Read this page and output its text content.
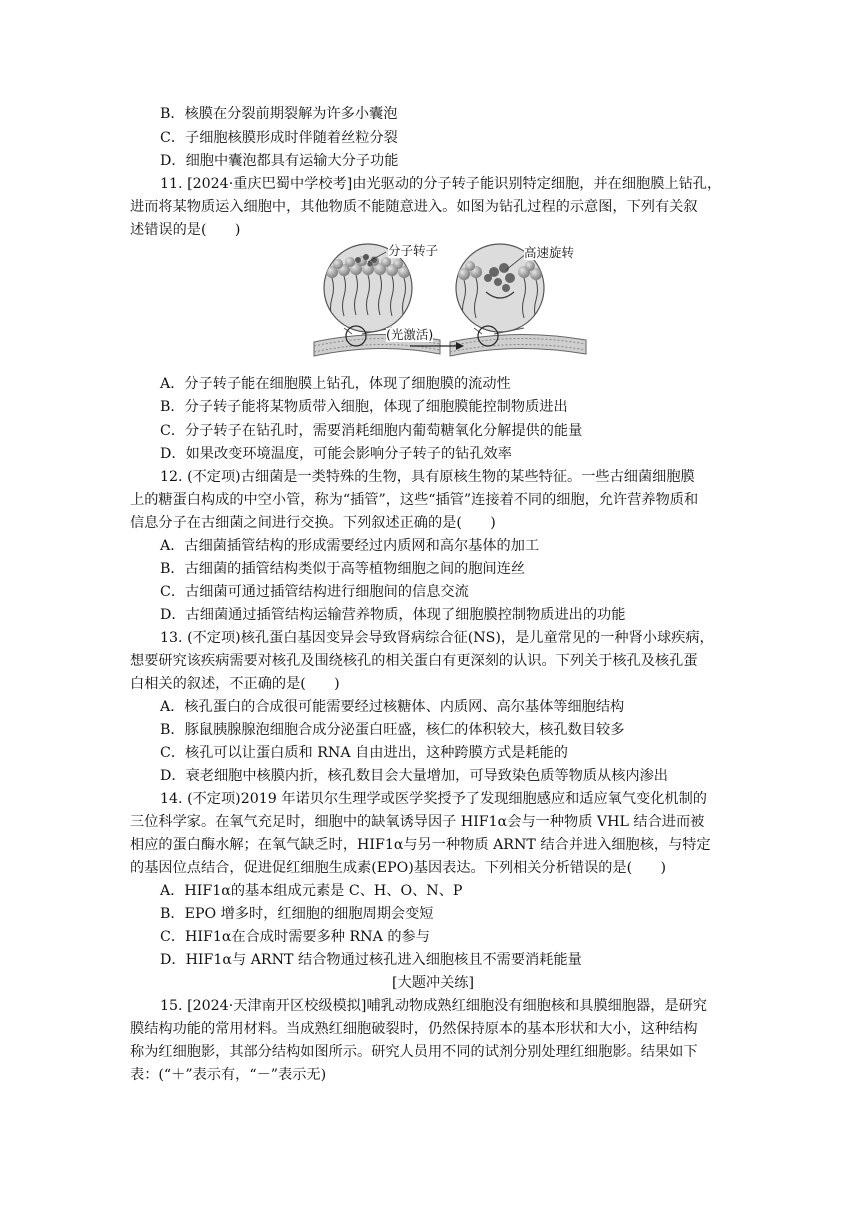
B．核膜在分裂前期裂解为许多小囊泡
C．子细胞核膜形成时伴随着丝粒分裂
D．细胞中囊泡都具有运输大分子功能
11. [2024·重庆巴蜀中学校考]由光驱动的分子转子能识别特定细胞，并在细胞膜上钻孔，
进而将某物质运入细胞中，其他物质不能随意进入。如图为钻孔过程的示意图，下列有关叙
述错误的是(　　)
分子转子	高速旋转
(光激活)
A．分子转子能在细胞膜上钻孔，体现了细胞膜的流动性
B．分子转子能将某物质带入细胞，体现了细胞膜能控制物质进出
C．分子转子在钻孔时，需要消耗细胞内葡萄糖氧化分解提供的能量
D．如果改变环境温度，可能会影响分子转子的钻孔效率
12. (不定项)古细菌是一类特殊的生物，具有原核生物的某些特征。一些古细菌细胞膜
上的糖蛋白构成的中空小管，称为“插管”，这些“插管”连接着不同的细胞，允许营养物质和
信息分子在古细菌之间进行交换。下列叙述正确的是(　　)
A．古细菌插管结构的形成需要经过内质网和高尔基体的加工
B．古细菌的插管结构类似于高等植物细胞之间的胞间连丝
C．古细菌可通过插管结构进行细胞间的信息交流
D．古细菌通过插管结构运输营养物质，体现了细胞膜控制物质进出的功能
13. (不定项)核孔蛋白基因变异会导致肾病综合征(NS)，是儿童常见的一种肾小球疾病，
想要研究该疾病需要对核孔及围绕核孔的相关蛋白有更深刻的认识。下列关于核孔及核孔蛋
白相关的叙述，不正确的是(　　)
A．核孔蛋白的合成很可能需要经过核糖体、内质网、高尔基体等细胞结构
B．豚鼠胰腺腺泡细胞合成分泌蛋白旺盛，核仁的体积较大，核孔数目较多
C．核孔可以让蛋白质和 RNA 自由进出，这种跨膜方式是耗能的
D．衰老细胞中核膜内折，核孔数目会大量增加，可导致染色质等物质从核内渗出
14. (不定项)2019 年诺贝尔生理学或医学奖授予了发现细胞感应和适应氧气变化机制的
三位科学家。在氧气充足时，细胞中的缺氧诱导因子 HIF1α会与一种物质 VHL 结合进而被
相应的蛋白酶水解；在氧气缺乏时，HIF1α与另一种物质 ARNT 结合并进入细胞核，与特定
的基因位点结合，促进促红细胞生成素(EPO)基因表达。下列相关分析错误的是(　　)
A．HIF1α的基本组成元素是 C、H、O、N、P
B．EPO 增多时，红细胞的细胞周期会变短
C．HIF1α在合成时需要多种 RNA 的参与
D．HIF1α与 ARNT 结合物通过核孔进入细胞核且不需要消耗能量
[大题冲关练]
15. [2024·天津南开区校级模拟]哺乳动物成熟红细胞没有细胞核和具膜细胞器，是研究
膜结构功能的常用材料。当成熟红细胞破裂时，仍然保持原本的基本形状和大小，这种结构
称为红细胞影，其部分结构如图所示。研究人员用不同的试剂分别处理红细胞影。结果如下
表：(“＋”表示有，“－”表示无)
